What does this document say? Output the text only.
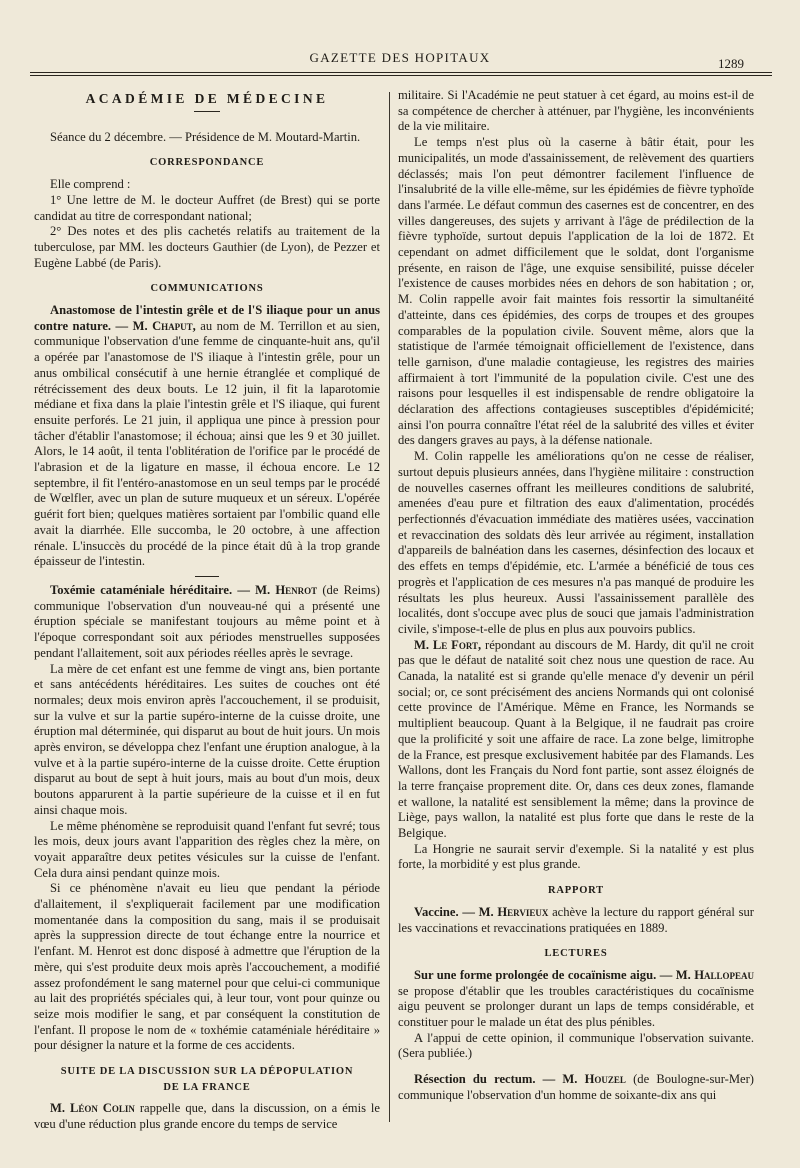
GAZETTE DES HOPITAUX	1289
ACADÉMIE DE MÉDECINE

Séance du 2 décembre. — Présidence de M. Moutard-Martin.

CORRESPONDANCE

Elle comprend :

1° Une lettre de M. le docteur Auffret (de Brest) qui se porte candidat au titre de correspondant national;

2° Des notes et des plis cachetés relatifs au traitement de la tuberculose, par MM. les docteurs Gauthier (de Lyon), de Pezzer et Eugène Labbé (de Paris).

COMMUNICATIONS

Anastomose de l'intestin grêle et de l'S iliaque pour un anus contre nature. — M. Chaput, au nom de M. Terrillon et au sien, communique l'observation d'une femme de cinquante-huit ans, qu'il a opérée par l'anastomose de l'S iliaque à l'intestin grêle, pour un anus ombilical consécutif à une hernie étranglée et compliqué de rétrécissement des deux bouts. Le 12 juin, il fit la laparotomie médiane et fixa dans la plaie l'intestin grêle et l'S iliaque, qui furent ensuite perforés. Le 21 juin, il appliqua une pince à pression pour tâcher d'établir l'anastomose; il échoua; ainsi que les 9 et 30 juillet. Alors, le 14 août, il tenta l'oblitération de l'orifice par le procédé de l'abrasion et de la ligature en masse, il échoua encore. Le 12 septembre, il fit l'entéro-anastomose en un seul temps par le procédé de Wœlfler, avec un plan de suture muqueux et un séreux. L'opérée guérit fort bien; quelques matières sortaient par l'ombilic quand elle avait la diarrhée. Elle succomba, le 20 octobre, à une affection rénale. L'insuccès du procédé de la pince était dû à la trop grande épaisseur de l'intestin.

Toxémie cataméniale héréditaire. — M. Henrot (de Reims) communique l'observation d'un nouveau-né qui a présenté une éruption spéciale se manifestant toujours au même point et à l'époque correspondant soit aux périodes menstruelles supposées pendant l'allaitement, soit aux périodes réelles après le sevrage.

La mère de cet enfant est une femme de vingt ans, bien portante et sans antécédents héréditaires. Les suites de couches ont été normales; deux mois environ après l'accouchement, il se produisit, sur la vulve et sur la partie supéro-interne de la cuisse droite, une éruption mal déterminée, qui disparut au bout de huit jours. Un mois après environ, se développa chez l'enfant une éruption analogue, à la vulve et à la partie supéro-interne de la cuisse droite. Cette éruption disparut au bout de sept à huit jours, mais au bout d'un mois, deux boutons apparurent à la partie supérieure de la cuisse et il en fut ainsi chaque mois.

Le même phénomène se reproduisit quand l'enfant fut sevré; tous les mois, deux jours avant l'apparition des règles chez la mère, on voyait apparaître deux petites vésicules sur la cuisse de l'enfant. Cela dura ainsi pendant quinze mois.

Si ce phénomène n'avait eu lieu que pendant la période d'allaitement, il s'expliquerait facilement par une modification momentanée dans la composition du sang, mais il se produisait après la suppression directe de tout échange entre la nourrice et l'enfant. M. Henrot est donc disposé à admettre que l'éruption de la mère, qui s'est produite deux mois après l'accouchement, a modifié assez profondément le sang maternel pour que celui-ci communique au lait des propriétés spéciales qui, à leur tour, vont pour quinze ou seize mois modifier le sang, et par conséquent la constitution de l'enfant. Il propose le nom de « toxhémie cataméniale héréditaire » pour désigner la nature et la forme de ces accidents.

SUITE DE LA DISCUSSION SUR LA DÉPOPULATION
DE LA FRANCE

M. Léon Colin rappelle que, dans la discussion, on a émis le vœu d'une réduction plus grande encore du temps de service

militaire. Si l'Académie ne peut statuer à cet égard, au moins est-il de sa compétence de chercher à atténuer, par l'hygiène, les inconvénients de la vie militaire.

Le temps n'est plus où la caserne à bâtir était, pour les municipalités, un mode d'assainissement, de relèvement des quartiers déclassés; mais l'on peut démontrer facilement l'influence de l'insalubrité de la ville elle-même, sur les épidémies de fièvre typhoïde dans l'armée. Le défaut commun des casernes est de concentrer, en des villes dangereuses, des sujets y arrivant à l'âge de prédilection de la fièvre typhoïde, surtout depuis l'application de la loi de 1872. Et cependant on admet difficilement que le soldat, dont l'organisme présente, en raison de l'âge, une exquise sensibilité, puisse déceler l'existence de causes morbides nées en dehors de son habitation ; or, M. Colin rappelle avoir fait maintes fois ressortir la simultanéité d'atteinte, dans ces épidémies, des corps de troupes et des groupes comparables de la population civile. Souvent même, alors que la statistique de l'armée témoignait officiellement de l'existence, dans telle garnison, d'une maladie contagieuse, les registres des mairies affirmaient à tort l'immunité de la population civile. C'est une des raisons pour lesquelles il est indispensable de rendre obligatoire la déclaration des affections contagieuses susceptibles d'épidémicité; ainsi l'on pourra connaître l'état réel de la salubrité des villes et éviter des dangers graves au pays, à la défense nationale.

M. Colin rappelle les améliorations qu'on ne cesse de réaliser, surtout depuis plusieurs années, dans l'hygiène militaire : construction de nouvelles casernes offrant les meilleures conditions de salubrité, amenées d'eau pure et filtration des eaux d'alimentation, procédés perfectionnés d'évacuation immédiate des matières usées, vaccination et revaccination des soldats dès leur arrivée au régiment, installation d'appareils de balnéation dans les casernes, désinfection des locaux et des effets en temps d'épidémie, etc. L'armée a bénéficié de tous ces progrès et l'application de ces mesures n'a pas manqué de produire les résultats les plus heureux. Aussi l'assainissement parallèle des localités, dont s'occupe avec plus de souci que jamais l'administration civile, s'impose-t-elle de plus en plus aux pouvoirs publics.

M. Le Fort, répondant au discours de M. Hardy, dit qu'il ne croit pas que le défaut de natalité soit chez nous une question de race. Au Canada, la natalité est si grande qu'elle menace d'y devenir un péril social; or, ce sont précisément des anciens Normands qui ont colonisé cette province de l'Amérique. Même en France, les Normands se multiplient beaucoup. Quant à la Belgique, il ne faudrait pas croire que la prolificité y soit une affaire de race. La zone belge, limitrophe de la France, est presque exclusivement habitée par des Flamands. Les Wallons, dont les Français du Nord font partie, sont assez éloignés de la terre française proprement dite. Or, dans ces deux zones, flamande et wallone, la natalité est sensiblement la même; dans la province de Liège, pays wallon, la natalité est plus forte que dans le reste de la Belgique.

La Hongrie ne saurait servir d'exemple. Si la natalité y est plus forte, la morbidité y est plus grande.

RAPPORT

Vaccine. — M. Hervieux achève la lecture du rapport général sur les vaccinations et revaccinations pratiquées en 1889.

LECTURES

Sur une forme prolongée de cocaïnisme aigu. — M. Hallopeau se propose d'établir que les troubles caractéristiques du cocaïnisme aigu peuvent se prolonger durant un laps de temps considérable, et constituer pour le malade un état des plus pénibles.

A l'appui de cette opinion, il communique l'observation suivante. (Sera publiée.)

Résection du rectum. — M. Houzel (de Boulogne-sur-Mer) communique l'observation d'un homme de soixante-dix ans qui
